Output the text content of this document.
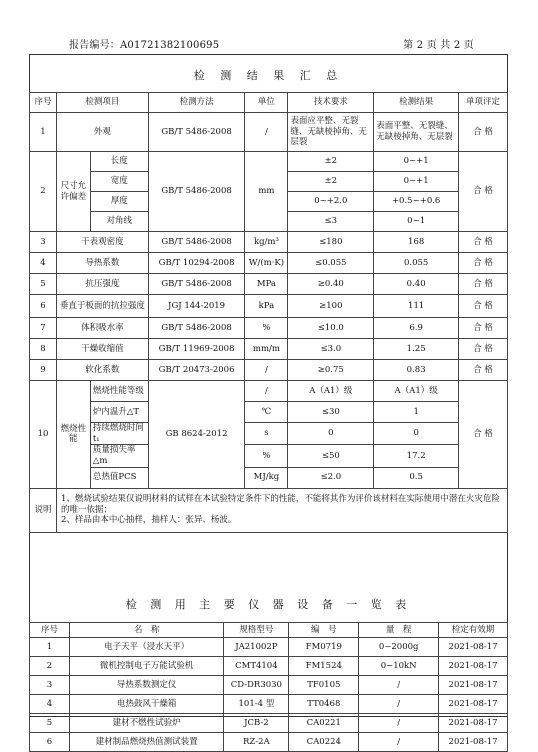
报告编号：A01721382100695	第 2 页 共 2 页
检 测 结 果 汇 总
序号	检测项目		检测方法	单位	技术要求	检测结果	单项评定
1	外观		GB/T 5486-2008	/	表面应平整、无裂缝、无缺棱掉角、无层裂	表面平整、无裂缝、无缺棱掉角、无层裂	合 格
2	尺寸允许偏差	长度	GB/T 5486-2008	mm	±2	0~+1	合 格
		宽度			±2	0~+1	
		厚度			0~+2.0	+0.5~+0.6	
		对角线			≤3	0~1	
3	干表观密度		GB/T 5486-2008	kg/m³	≤180	168	合 格
4	导热系数		GB/T 10294-2008	W/(m·K)	≤0.055	0.055	合 格
5	抗压强度		GB/T 5486-2008	MPa	≥0.40	0.40	合 格
6	垂直于板面的抗拉强度		JGJ 144-2019	kPa	≥100	111	合 格
7	体积吸水率		GB/T 5486-2008	%	≤10.0	6.9	合 格
8	干燥收缩值		GB/T 11969-2008	mm/m	≤3.0	1.25	合 格
9	软化系数		GB/T 20473-2006	/	≥0.75	0.83	合 格
10	燃烧性能	燃烧性能等级	GB 8624-2012	/	A（A1）级	A（A1）级	合 格
		炉内温升△T		℃	≤30	1	
		持续燃烧时间 t₁		s	0	0	
		质量损失率△m		%	≤50	17.2	
		总热值PCS		MJ/kg	≤2.0	0.5	
说明	1、燃烧试验结果仅说明材料的试样在本试验特定条件下的性能，不能将其作为评价该材料在实际使用中潜在火灾危险的唯一依据；
2、样品由本中心抽样，抽样人：张异、杨波。						
检 测 用 主 要 仪 器 设 备 一 览 表
序号	名　称	规格型号	编　号	量　程	检定有效期
1	电子天平（浸水天平）	JA21002P	FM0719	0~2000g	2021-08-17
2	微机控制电子万能试验机	CMT4104	FM1524	0~10kN	2021-08-17
3	导热系数测定仪	CD-DR3030	TF0105	/	2021-08-17
4	电热鼓风干燥箱	101-4 型	TT0468	/	2021-08-17
5	建材不燃性试验炉	JCB-2	CA0221	/	2021-08-17
6	建材制品燃烧热值测试装置	RZ-2A	CA0224	/	2021-08-17
